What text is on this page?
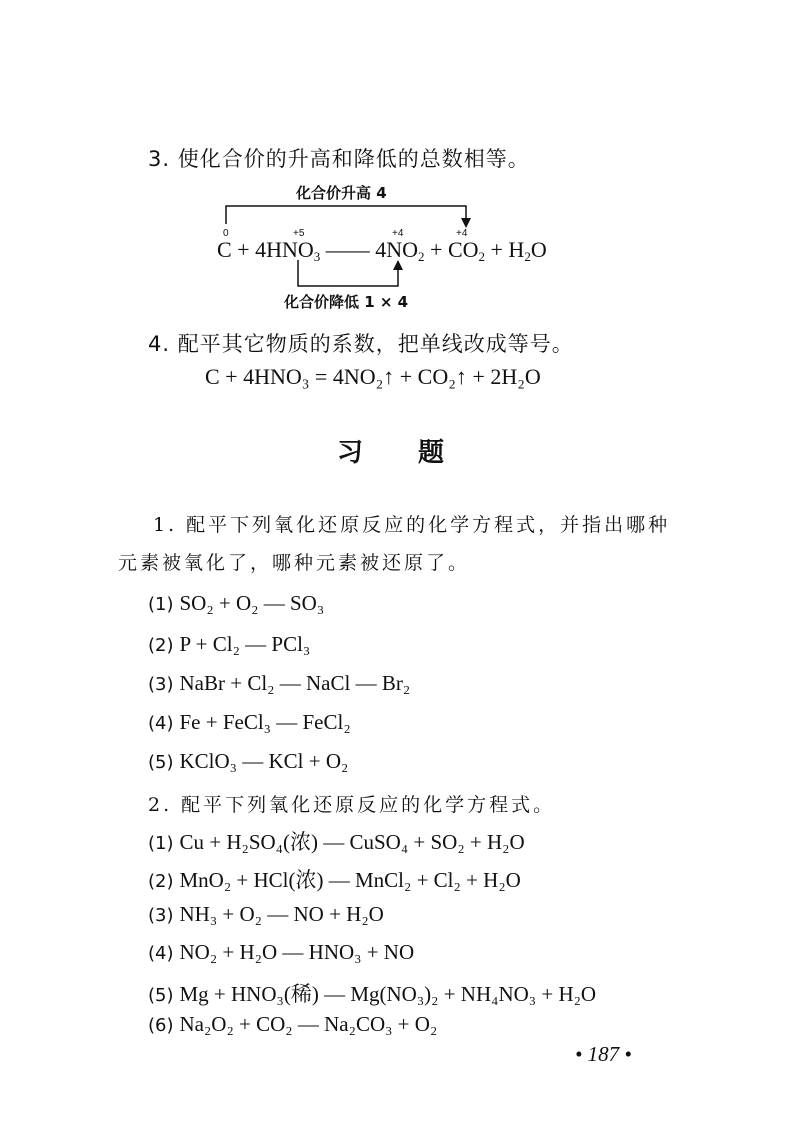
3. 使化合价的升高和降低的总数相等。
化合价升高 4
0	+5	+4	+4
$C + 4HNO_3$ —— $4NO_2 + CO_2 + H_2O$
化合价降低 1 × 4
4. 配平其它物质的系数，把单线改成等号。
C + 4HNO₃ = 4NO₂↑ + CO₂↑ + 2H₂O
习 题
1. 配平下列氧化还原反应的化学方程式，并指出哪种
元素被氧化了，哪种元素被还原了。
(1) SO₂ + O₂ — SO₃
(2) P + Cl₂ — PCl₃
(3) NaBr + Cl₂ — NaCl — Br₂
(4) Fe + FeCl₃ — FeCl₂
(5) KClO₃ — KCl + O₂
2. 配平下列氧化还原反应的化学方程式。
(1) Cu + H₂SO₄(浓) — CuSO₄ + SO₂ + H₂O
(2) MnO₂ + HCl(浓) — MnCl₂ + Cl₂ + H₂O
(3) NH₃ + O₂ — NO + H₂O
(4) NO₂ + H₂O — HNO₃ + NO
(5) Mg + HNO₃(稀) — Mg(NO₃)₂ + NH₄NO₃ + H₂O
(6) Na₂O₂ + CO₂ — Na₂CO₃ + O₂
• 187 •
